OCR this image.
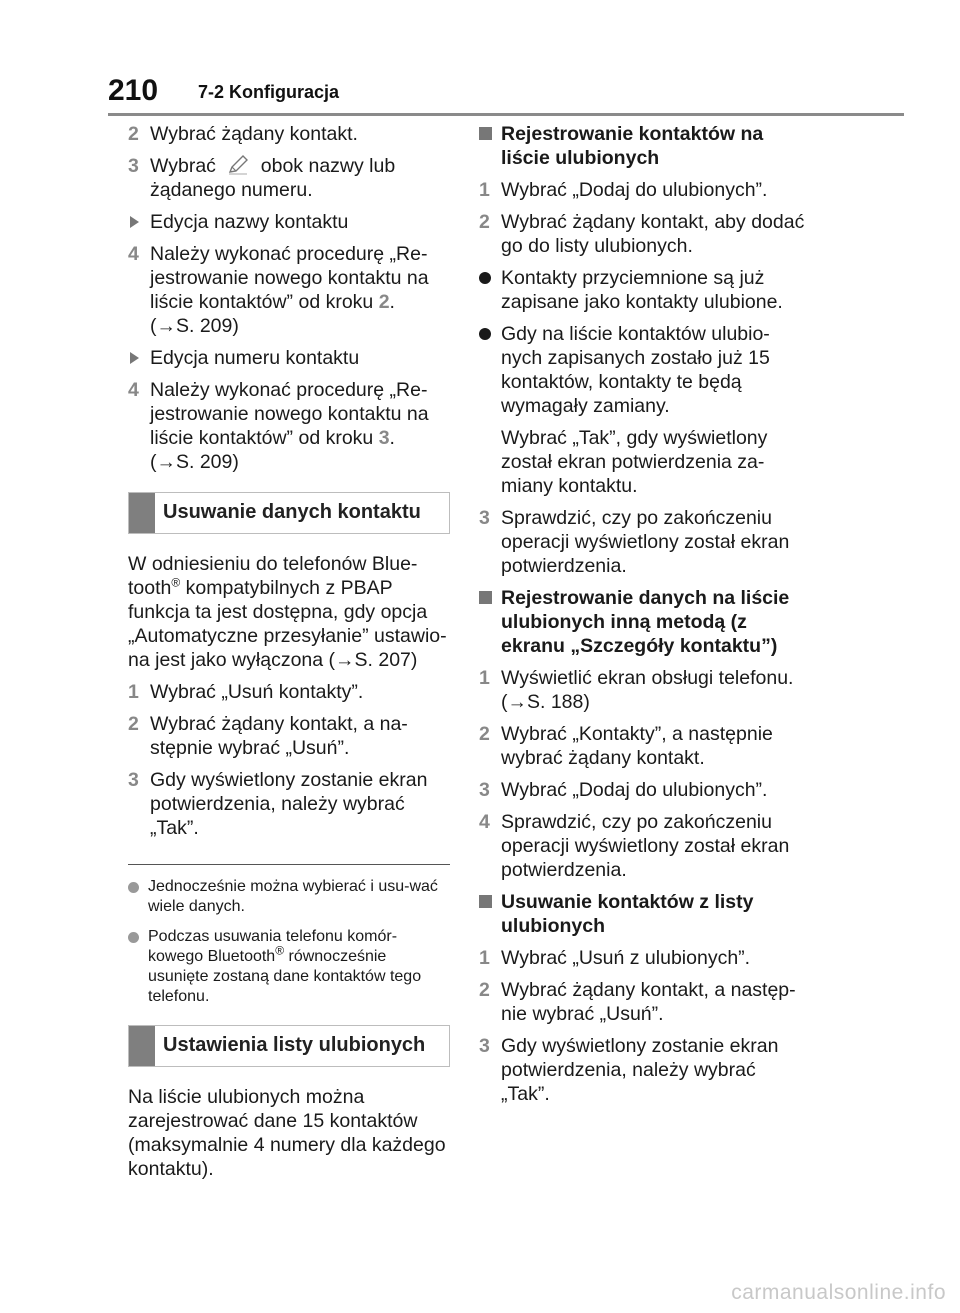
210 7-2 Konfiguracja
2 Wybrać żądany kontakt.
3 Wybrać obok nazwy lub żądanego numeru.
Edycja nazwy kontaktu
4 Należy wykonać procedurę „Re-jestrowanie nowego kontaktu na liście kontaktów” od kroku 2.
(→S. 209)
Edycja numeru kontaktu
4 Należy wykonać procedurę „Re-jestrowanie nowego kontaktu na liście kontaktów” od kroku 3.
(→S. 209)
Usuwanie danych kontaktu

W odniesieniu do telefonów Blue-tooth® kompatybilnych z PBAP funkcja ta jest dostępna, gdy opcja „Automatyczne przesyłanie” ustawio-na jest jako wyłączona (→S. 207)

1 Wybrać „Usuń kontakty”.
2 Wybrać żądany kontakt, a na-stępnie wybrać „Usuń”.
3 Gdy wyświetlony zostanie ekran potwierdzenia, należy wybrać „Tak”.
Jednocześnie można wybierać i usu-wać wiele danych.
Podczas usuwania telefonu komór-kowego Bluetooth® równocześnie usunięte zostaną dane kontaktów tego telefonu.
Ustawienia listy ulubionych

Na liście ulubionych można zarejestrować dane 15 kontaktów (maksymalnie 4 numery dla każdego kontaktu).

Rejestrowanie kontaktów na liście ulubionych
1 Wybrać „Dodaj do ulubionych”.
2 Wybrać żądany kontakt, aby dodać go do listy ulubionych.
Kontakty przyciemnione są już zapisane jako kontakty ulubione.
Gdy na liście kontaktów ulubio-nych zapisanych zostało już 15 kontaktów, kontakty te będą wymagały zamiany.

Wybrać „Tak”, gdy wyświetlony został ekran potwierdzenia za-miany kontaktu.

3 Sprawdzić, czy po zakończeniu operacji wyświetlony został ekran potwierdzenia.
Rejestrowanie danych na liście ulubionych inną metodą (z ekranu „Szczegóły kontaktu”)
1 Wyświetlić ekran obsługi telefonu. (→S. 188)
2 Wybrać „Kontakty”, a następnie wybrać żądany kontakt.
3 Wybrać „Dodaj do ulubionych”.
4 Sprawdzić, czy po zakończeniu operacji wyświetlony został ekran potwierdzenia.
Usuwanie kontaktów z listy ulubionych
1 Wybrać „Usuń z ulubionych”.
2 Wybrać żądany kontakt, a następ-nie wybrać „Usuń”.
3 Gdy wyświetlony zostanie ekran potwierdzenia, należy wybrać „Tak”.
carmanualsonline.info
